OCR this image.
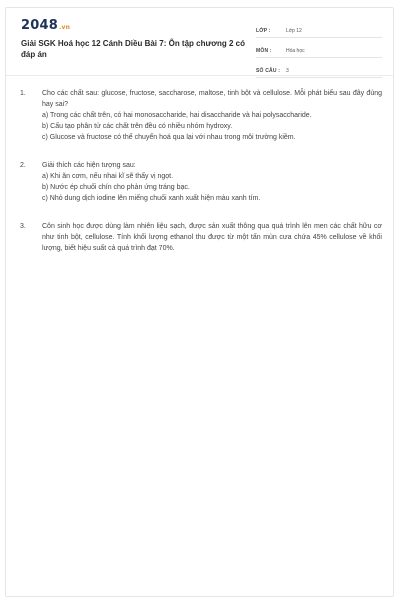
2048.vn
Giải SGK Hoá học 12 Cánh Diều Bài 7: Ôn tập chương 2 có đáp án
LỚP :	Lớp 12
MÔN :	Hóa học
SỐ CÂU :	3
1.	Cho các chất sau: glucose, fructose, saccharose, maltose, tinh bột và cellulose. Mỗi phát biểu sau đây đúng hay sai?

a) Trong các chất trên, có hai monosaccharide, hai disaccharide và hai polysaccharide.

b) Cấu tạo phân tử các chất trên đều có nhiều nhóm hydroxy.

c) Glucose và fructose có thể chuyển hoá qua lại với nhau trong môi trường kiềm.

2.	Giải thích các hiện tượng sau:

a) Khi ăn cơm, nếu nhai kĩ sẽ thấy vị ngọt.

b) Nước ép chuối chín cho phản ứng tráng bạc.

c) Nhỏ dung dịch iodine lên miếng chuối xanh xuất hiện màu xanh tím.

3.	Côn sinh học được dùng làm nhiên liệu sạch, được sản xuất thông qua quá trình lên men các chất hữu cơ như tinh bột, cellulose. Tính khối lượng ethanol thu được từ một tấn mùn cưa chứa 45% cellulose về khối lượng, biết hiệu suất cả quá trình đạt 70%.
